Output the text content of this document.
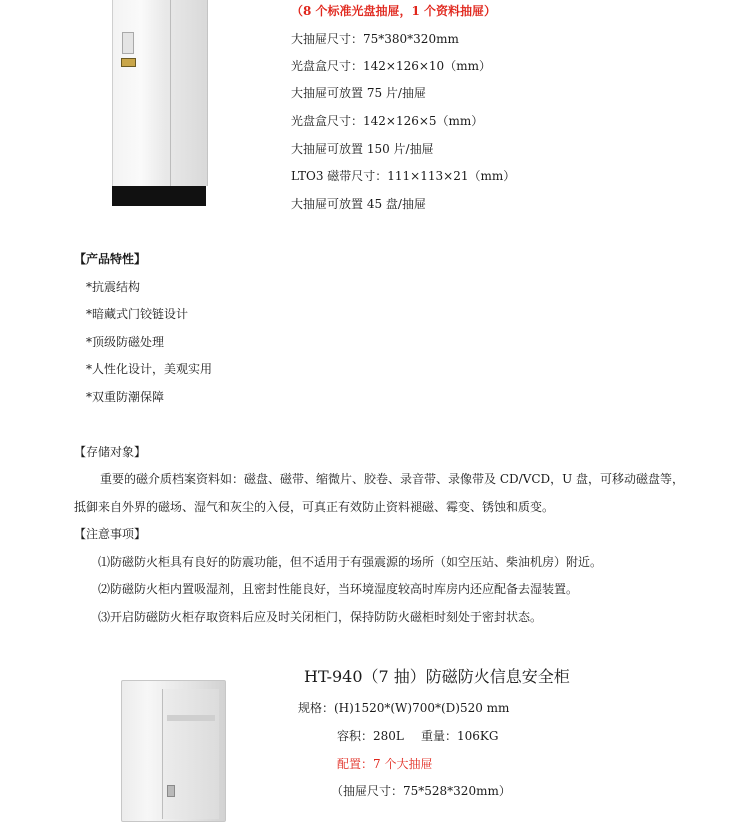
（8 个标准光盘抽屉，1 个资料抽屉）
大抽屉尺寸：75*380*320mm
光盘盒尺寸：142×126×10（mm）
大抽屉可放置 75 片/抽屉
光盘盒尺寸：142×126×5（mm）
大抽屉可放置 150 片/抽屉
LTO3 磁带尺寸：111×113×21（mm）
大抽屉可放置 45 盘/抽屉
【产品特性】
*抗震结构
*暗藏式门铰链设计
*顶级防磁处理
*人性化设计，美观实用
*双重防潮保障
【存储对象】
重要的磁介质档案资料如：磁盘、磁带、缩微片、胶卷、录音带、录像带及 CD/VCD，U 盘，可移动磁盘等，
抵御来自外界的磁场、湿气和灰尘的入侵，可真正有效防止资料褪磁、霉变、锈蚀和质变。
【注意事项】
⑴防磁防火柜具有良好的防震功能，但不适用于有强震源的场所（如空压站、柴油机房）附近。
⑵防磁防火柜内置吸湿剂，且密封性能良好，当环境湿度较高时库房内还应配备去湿装置。
⑶开启防磁防火柜存取资料后应及时关闭柜门，保持防防火磁柜时刻处于密封状态。
HT-940（7 抽）防磁防火信息安全柜
规格：(H)1520*(W)700*(D)520 mm
容积：280L 重量：106KG
配置：7 个大抽屉
（抽屉尺寸：75*528*320mm）
